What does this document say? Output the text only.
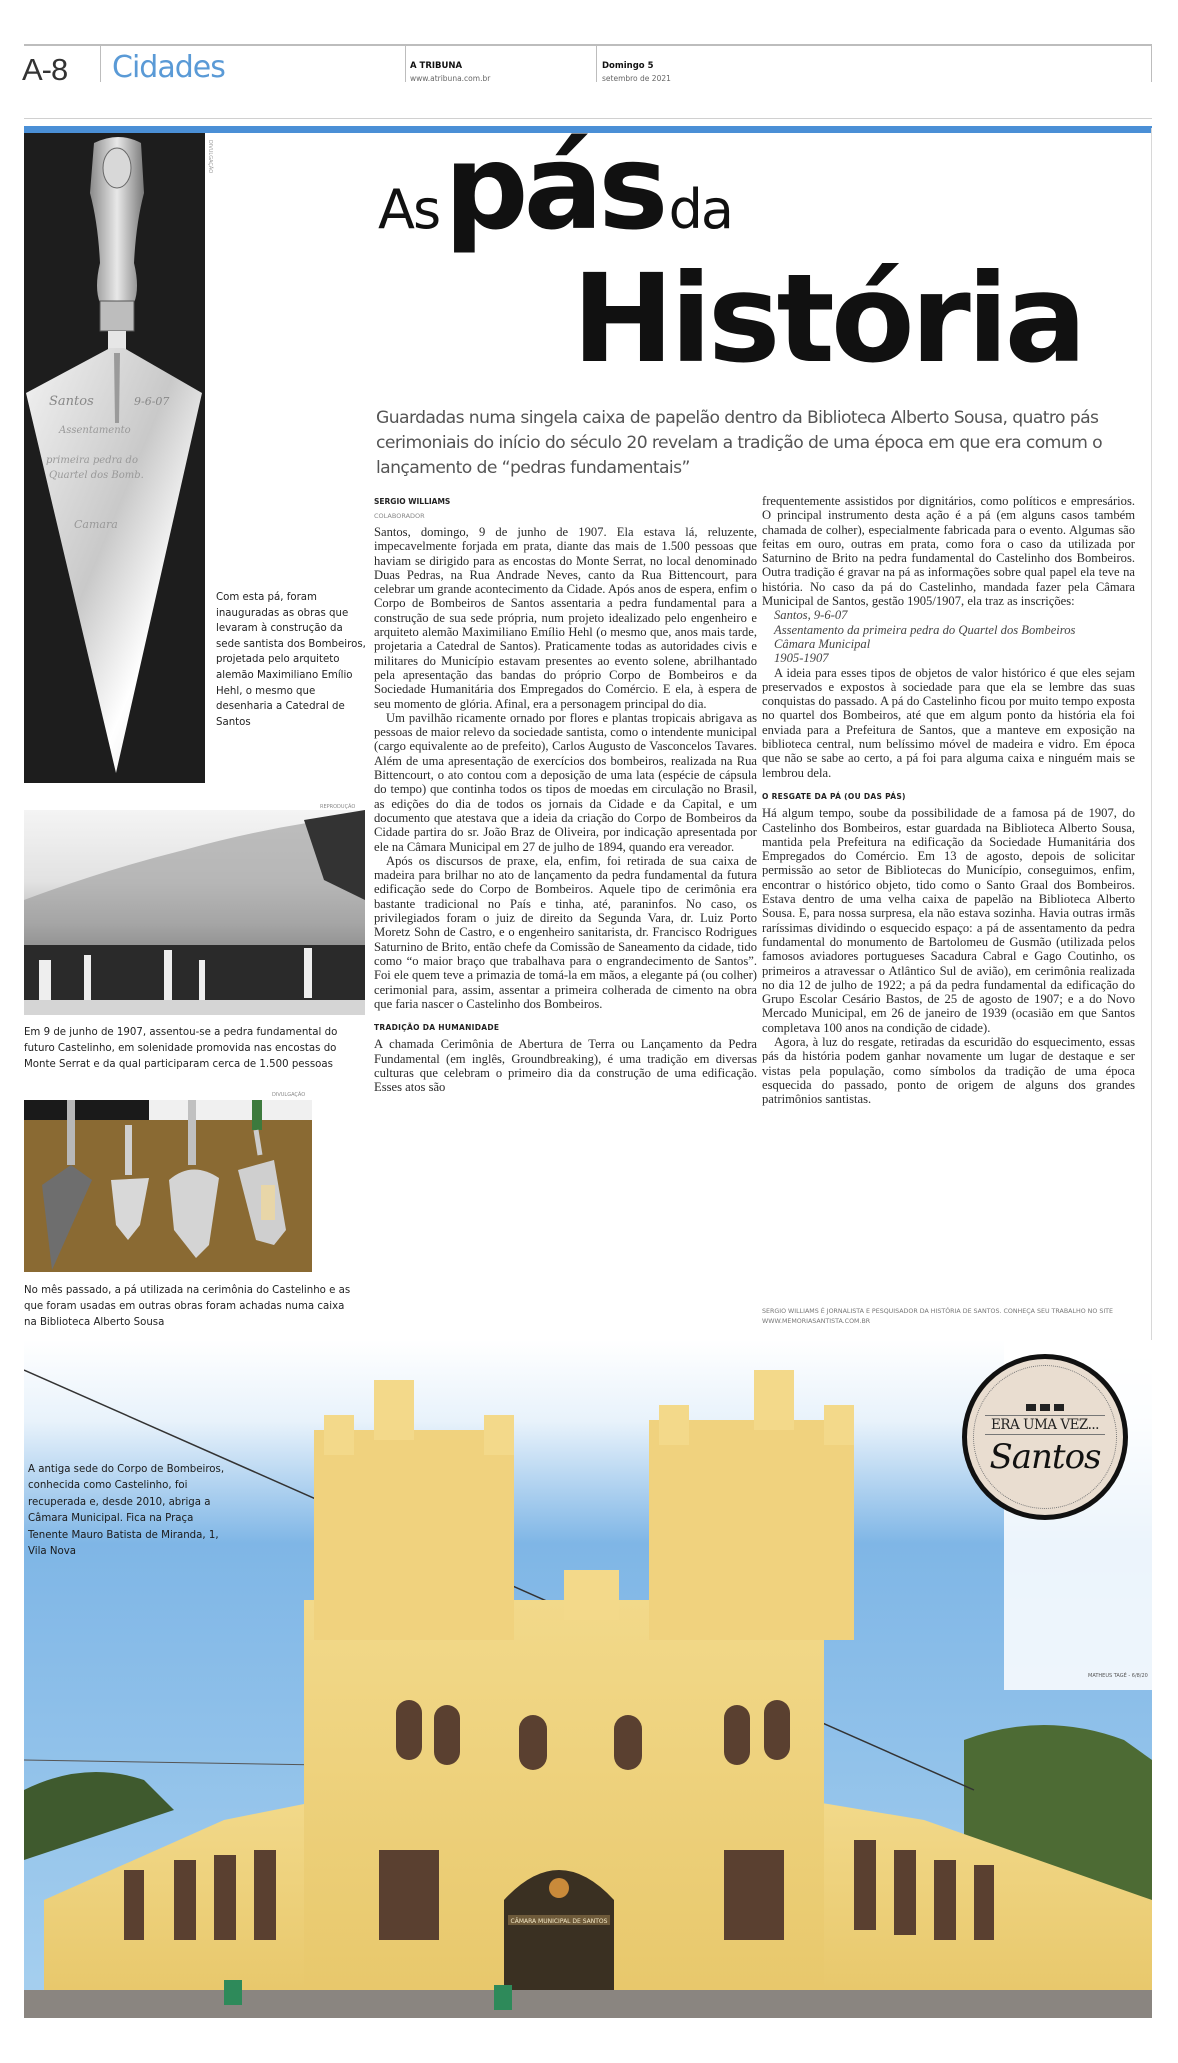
A-8 Cidades	A TRIBUNA
www.atribuna.com.br
Domingo 5
setembro de 2021
Santos	9-6-07
Assentamento
primeira pedra do
Quartel dos Bomb.
Camara
DIVULGAÇÃO
Com esta pá, foram inauguradas as obras que levaram à construção da sede santista dos Bombeiros, projetada pelo arquiteto alemão Maximiliano Emílio Hehl, o mesmo que desenharia a Catedral de Santos
As pás da
História
Guardadas numa singela caixa de papelão dentro da Biblioteca Alberto Sousa, quatro pás cerimoniais do início do século 20 revelam a tradição de uma época em que era comum o lançamento de “pedras fundamentais”
SERGIO WILLIAMS
COLABORADOR

Santos, domingo, 9 de junho de 1907. Ela estava lá, reluzente, impecavelmente forjada em prata, diante das mais de 1.500 pessoas que haviam se dirigido para as encostas do Monte Serrat, no local denominado Duas Pedras, na Rua Andrade Neves, canto da Rua Bittencourt, para celebrar um grande acontecimento da Cidade. Após anos de espera, enfim o Corpo de Bombeiros de Santos assentaria a pedra fundamental para a construção de sua sede própria, num projeto idealizado pelo engenheiro e arquiteto alemão Maximiliano Emílio Hehl (o mesmo que, anos mais tarde, projetaria a Catedral de Santos). Praticamente todas as autoridades civis e militares do Município estavam presentes ao evento solene, abrilhantado pela apresentação das bandas do próprio Corpo de Bombeiros e da Sociedade Humanitária dos Empregados do Comércio. E ela, à espera de seu momento de glória. Afinal, era a personagem principal do dia.

Um pavilhão ricamente ornado por flores e plantas tropicais abrigava as pessoas de maior relevo da sociedade santista, como o intendente municipal (cargo equivalente ao de prefeito), Carlos Augusto de Vasconcelos Tavares. Além de uma apresentação de exercícios dos bombeiros, realizada na Rua Bittencourt, o ato contou com a deposição de uma lata (espécie de cápsula do tempo) que continha todos os tipos de moedas em circulação no Brasil, as edições do dia de todos os jornais da Cidade e da Capital, e um documento que atestava que a ideia da criação do Corpo de Bombeiros da Cidade partira do sr. João Braz de Oliveira, por indicação apresentada por ele na Câmara Municipal em 27 de julho de 1894, quando era vereador.

Após os discursos de praxe, ela, enfim, foi retirada de sua caixa de madeira para brilhar no ato de lançamento da pedra fundamental da futura edificação sede do Corpo de Bombeiros. Aquele tipo de cerimônia era bastante tradicional no País e tinha, até, paraninfos. No caso, os privilegiados foram o juiz de direito da Segunda Vara, dr. Luiz Porto Moretz Sohn de Castro, e o engenheiro sanitarista, dr. Francisco Rodrigues Saturnino de Brito, então chefe da Comissão de Saneamento da cidade, tido como “o maior braço que trabalhava para o engrandecimento de Santos”. Foi ele quem teve a primazia de tomá-la em mãos, a elegante pá (ou colher) cerimonial para, assim, assentar a primeira colherada de cimento na obra que faria nascer o Castelinho dos Bombeiros.

TRADIÇÃO DA HUMANIDADE

A chamada Cerimônia de Abertura de Terra ou Lançamento da Pedra Fundamental (em inglês, Groundbreaking), é uma tradição em diversas culturas que celebram o primeiro dia da construção de uma edificação. Esses atos são

frequentemente assistidos por dignitários, como políticos e empresários. O principal instrumento desta ação é a pá (em alguns casos também chamada de colher), especialmente fabricada para o evento. Algumas são feitas em ouro, outras em prata, como fora o caso da utilizada por Saturnino de Brito na pedra fundamental do Castelinho dos Bombeiros. Outra tradição é gravar na pá as informações sobre qual papel ela teve na história. No caso da pá do Castelinho, mandada fazer pela Câmara Municipal de Santos, gestão 1905/1907, ela traz as inscrições:

Santos, 9-6-07

Assentamento da primeira pedra do Quartel dos Bombeiros

Câmara Municipal

1905-1907

A ideia para esses tipos de objetos de valor histórico é que eles sejam preservados e expostos à sociedade para que ela se lembre das suas conquistas do passado. A pá do Castelinho ficou por muito tempo exposta no quartel dos Bombeiros, até que em algum ponto da história ela foi enviada para a Prefeitura de Santos, que a manteve em exposição na biblioteca central, num belíssimo móvel de madeira e vidro. Em época que não se sabe ao certo, a pá foi para alguma caixa e ninguém mais se lembrou dela.

O RESGATE DA PÁ (OU DAS PÁS)

Há algum tempo, soube da possibilidade de a famosa pá de 1907, do Castelinho dos Bombeiros, estar guardada na Biblioteca Alberto Sousa, mantida pela Prefeitura na edificação da Sociedade Humanitária dos Empregados do Comércio. Em 13 de agosto, depois de solicitar permissão ao setor de Bibliotecas do Município, conseguimos, enfim, encontrar o histórico objeto, tido como o Santo Graal dos Bombeiros. Estava dentro de uma velha caixa de papelão na Biblioteca Alberto Sousa. E, para nossa surpresa, ela não estava sozinha. Havia outras irmãs raríssimas dividindo o esquecido espaço: a pá de assentamento da pedra fundamental do monumento de Bartolomeu de Gusmão (utilizada pelos famosos aviadores portugueses Sacadura Cabral e Gago Coutinho, os primeiros a atravessar o Atlântico Sul de avião), em cerimônia realizada no dia 12 de julho de 1922; a pá da pedra fundamental da edificação do Grupo Escolar Cesário Bastos, de 25 de agosto de 1907; e a do Novo Mercado Municipal, em 26 de janeiro de 1939 (ocasião em que Santos completava 100 anos na condição de cidade).

Agora, à luz do resgate, retiradas da escuridão do esquecimento, essas pás da história podem ganhar novamente um lugar de destaque e ser vistas pela população, como símbolos da tradição de uma época esquecida do passado, ponto de origem de alguns dos grandes patrimônios santistas.

SERGIO WILLIAMS É JORNALISTA E PESQUISADOR DA HISTÓRIA DE SANTOS. CONHEÇA SEU TRABALHO NO SITE WWW.MEMORIASANTISTA.COM.BR
REPRODUÇÃO
Em 9 de junho de 1907, assentou-se a pedra fundamental do futuro Castelinho, em solenidade promovida nas encostas do Monte Serrat e da qual participaram cerca de 1.500 pessoas
DIVULGAÇÃO
No mês passado, a pá utilizada na cerimônia do Castelinho e as que foram usadas em outras obras foram achadas numa caixa na Biblioteca Alberto Sousa
CÂMARA MUNICIPAL DE SANTOS
MATHEUS TAGÉ - 6/8/20
A antiga sede do Corpo de Bombeiros, conhecida como Castelinho, foi recuperada e, desde 2010, abriga a Câmara Municipal. Fica na Praça Tenente Mauro Batista de Miranda, 1, Vila Nova
ERA UMA VEZ...
Santos
